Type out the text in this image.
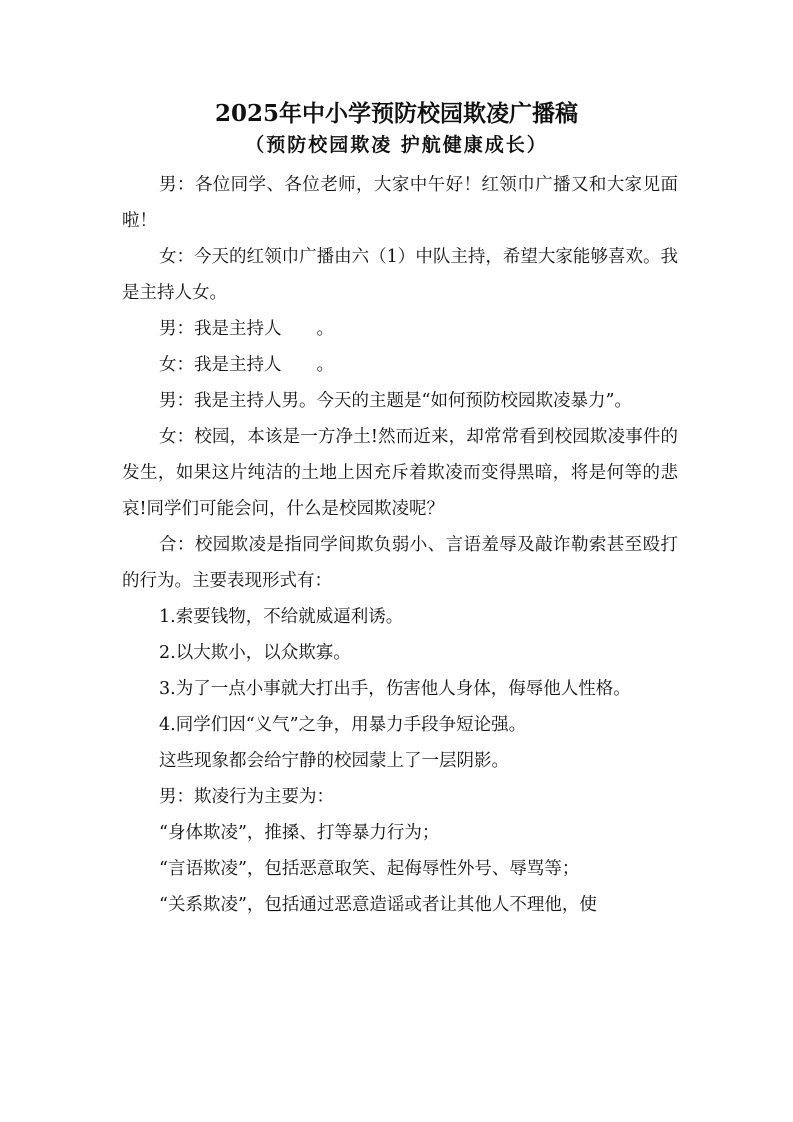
2025年中小学预防校园欺凌广播稿
（预防校园欺凌 护航健康成长）

男：各位同学、各位老师，大家中午好！红领巾广播又和大家见面啦！

女：今天的红领巾广播由六（1）中队主持，希望大家能够喜欢。我是主持人女。

男：我是主持人　　。

女：我是主持人　　。

男：我是主持人男。今天的主题是“如何预防校园欺凌暴力”。

女：校园，本该是一方净土!然而近来，却常常看到校园欺凌事件的发生，如果这片纯洁的土地上因充斥着欺凌而变得黑暗，将是何等的悲哀!同学们可能会问，什么是校园欺凌呢？

合：校园欺凌是指同学间欺负弱小、言语羞辱及敲诈勒索甚至殴打的行为。主要表现形式有：

1.索要钱物，不给就威逼利诱。

2.以大欺小，以众欺寡。

3.为了一点小事就大打出手，伤害他人身体，侮辱他人性格。

4.同学们因“义气”之争，用暴力手段争短论强。

这些现象都会给宁静的校园蒙上了一层阴影。

男：欺凌行为主要为：

“身体欺凌”，推搡、打等暴力行为；

“言语欺凌”，包括恶意取笑、起侮辱性外号、辱骂等；

“关系欺凌”，包括通过恶意造谣或者让其他人不理他，使
